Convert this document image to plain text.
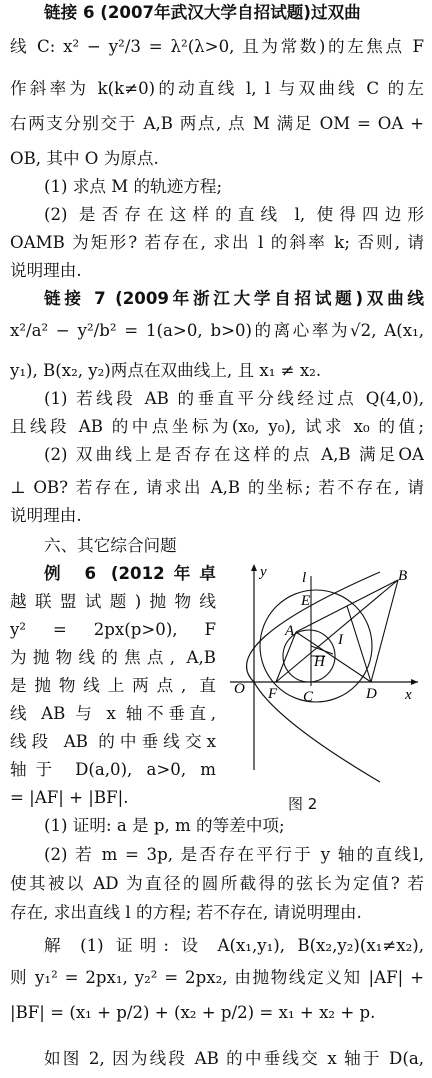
链接 6 (2007年武汉大学自招试题)过双曲
线 C: x² − y²/3 = λ²(λ>0, 且为常数)的左焦点 F
作斜率为 k(k≠0)的动直线 l, l 与双曲线 C 的左
右两支分别交于 A,B 两点, 点 M 满足 OM = OA +
OB, 其中 O 为原点.
(1) 求点 M 的轨迹方程;
(2) 是否存在这样的直线 l, 使得四边形
OAMB 为矩形? 若存在, 求出 l 的斜率 k; 否则, 请
说明理由.
链接 7 (2009年浙江大学自招试题)双曲线
x²/a² − y²/b² = 1(a>0, b>0)的离心率为√2, A(x₁,
y₁), B(x₂, y₂)两点在双曲线上, 且 x₁ ≠ x₂.
(1) 若线段 AB 的垂直平分线经过点 Q(4,0),
且线段 AB 的中点坐标为(x₀, y₀), 试求 x₀ 的值;
(2) 双曲线上是否存在这样的点 A,B 满足OA
⊥ OB? 若存在, 请求出 A,B 的坐标; 若不存在, 请
说明理由.
六、其它综合问题
例 6 (2012年卓
越联盟试题)抛物线
y² = 2px(p>0), F
为抛物线的焦点, A,B
是抛物线上两点, 直
线 AB 与 x 轴不垂直,
线段 AB 的中垂线交x
轴于 D(a,0), a>0, m
= |AF| + |BF|.
y l	B
E
A
I
H
O F C	D x
图 2
(1) 证明: a 是 p, m 的等差中项;
(2) 若 m = 3p, 是否存在平行于 y 轴的直线l,
使其被以 AD 为直径的圆所截得的弦长为定值? 若
存在, 求出直线 l 的方程; 若不存在, 请说明理由.
解 (1) 证明: 设 A(x₁,y₁), B(x₂,y₂)(x₁≠x₂),
则 y₁² = 2px₁, y₂² = 2px₂, 由抛物线定义知 |AF| +
|BF| = (x₁ + p/2) + (x₂ + p/2) = x₁ + x₂ + p.
如图 2, 因为线段 AB 的中垂线交 x 轴于 D(a,
